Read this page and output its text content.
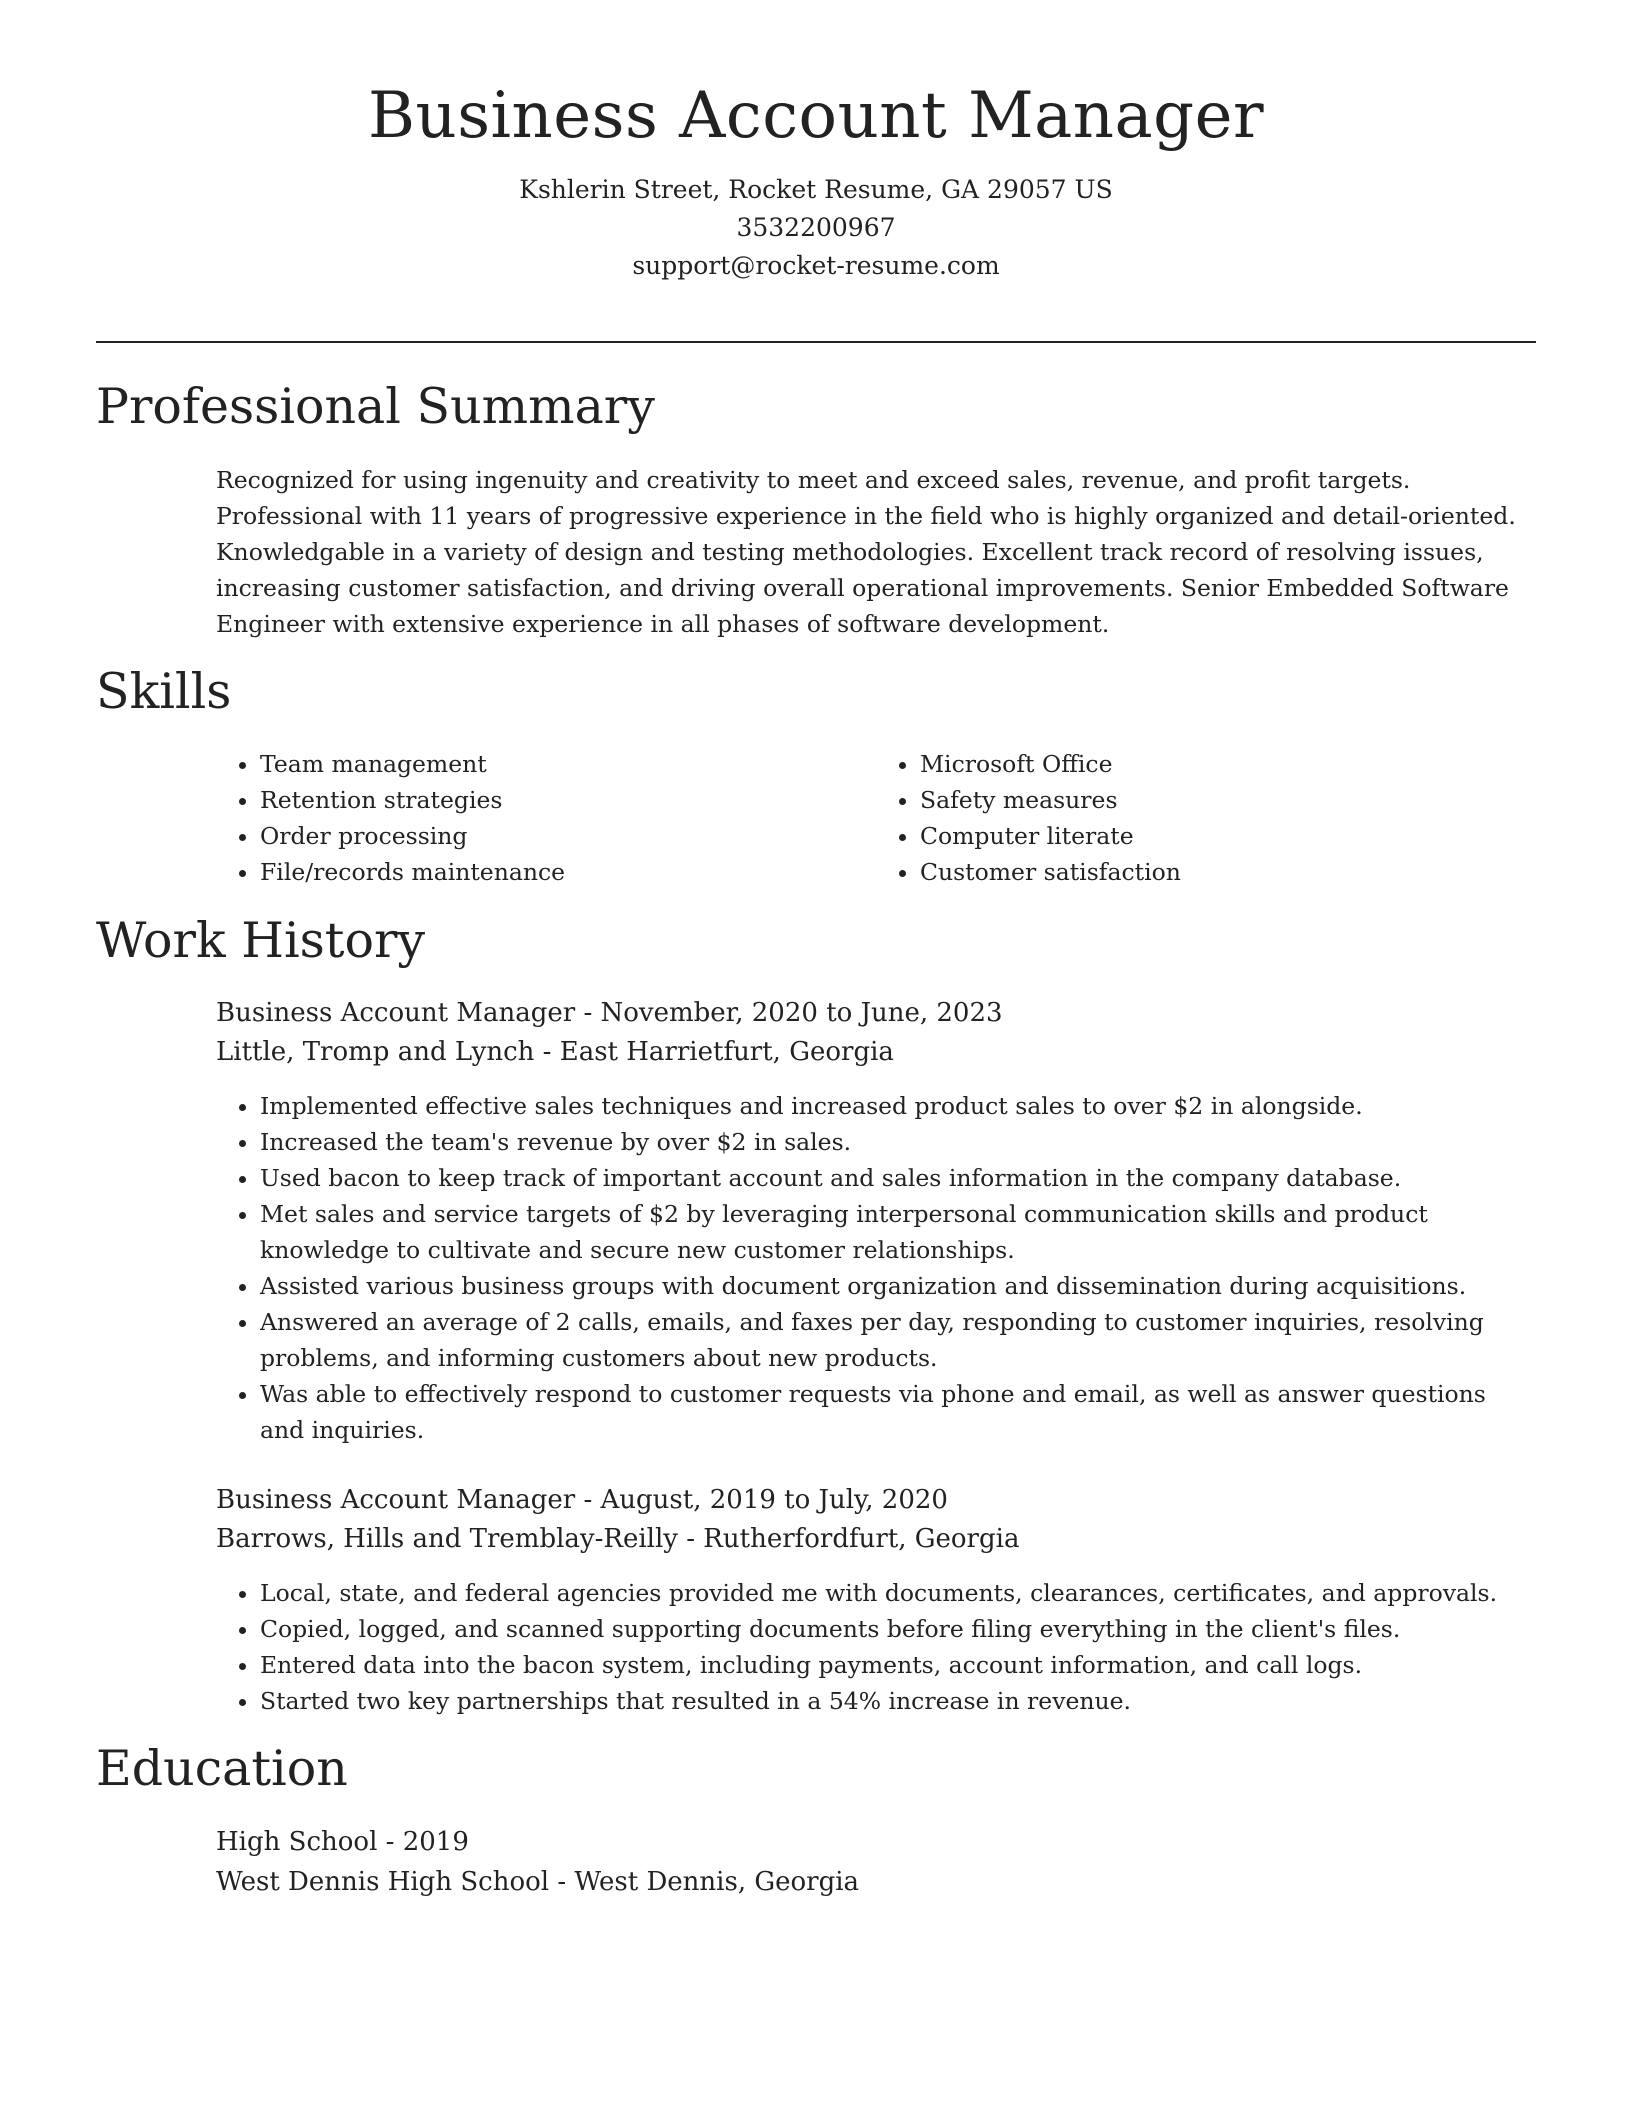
Business Account Manager

Kshlerin Street, Rocket Resume, GA 29057 US

3532200967

support@rocket-resume.com

Professional Summary

Recognized for using ingenuity and creativity to meet and exceed sales, revenue, and profit targets. Professional with 11 years of progressive experience in the field who is highly organized and detail-oriented. Knowledgable in a variety of design and testing methodologies. Excellent track record of resolving issues, increasing customer satisfaction, and driving overall operational improvements. Senior Embedded Software Engineer with extensive experience in all phases of software development.

Skills
• Team management
• Retention strategies
• Order processing
• File/records maintenance
• Microsoft Office
• Safety measures
• Computer literate
• Customer satisfaction
Work History

Business Account Manager - November, 2020 to June, 2023

Little, Tromp and Lynch - East Harrietfurt, Georgia

• Implemented effective sales techniques and increased product sales to over $2 in alongside.
• Increased the team's revenue by over $2 in sales.
• Used bacon to keep track of important account and sales information in the company database.
• Met sales and service targets of $2 by leveraging interpersonal communication skills and product knowledge to cultivate and secure new customer relationships.
• Assisted various business groups with document organization and dissemination during acquisitions.
• Answered an average of 2 calls, emails, and faxes per day, responding to customer inquiries, resolving problems, and informing customers about new products.
• Was able to effectively respond to customer requests via phone and email, as well as answer questions and inquiries.

Business Account Manager - August, 2019 to July, 2020

Barrows, Hills and Tremblay-Reilly - Rutherfordfurt, Georgia

• Local, state, and federal agencies provided me with documents, clearances, certificates, and approvals.
• Copied, logged, and scanned supporting documents before filing everything in the client's files.
• Entered data into the bacon system, including payments, account information, and call logs.
• Started two key partnerships that resulted in a 54% increase in revenue.
Education

High School - 2019

West Dennis High School - West Dennis, Georgia
